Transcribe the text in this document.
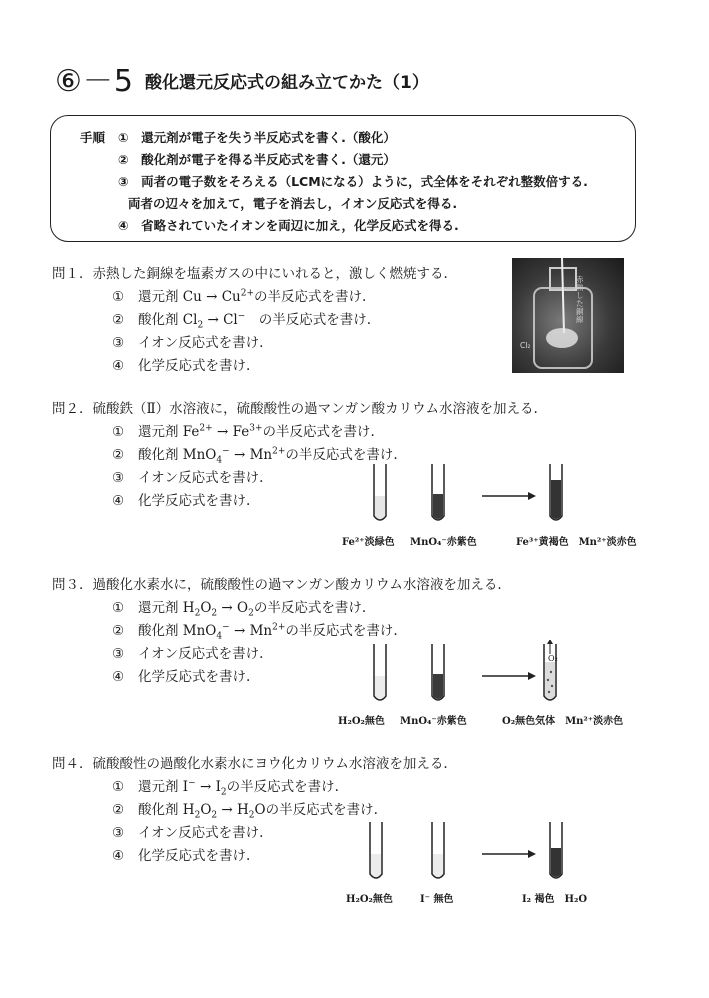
⑥－5 酸化還元反応式の組み立てかた（1）
手順 ①　還元剤が電子を失う半反応式を書く.（酸化）
②　酸化剤が電子を得る半反応式を書く.（還元）
③　両者の電子数をそろえる（LCMになる）ように，式全体をそれぞれ整数倍する.
両者の辺々を加えて，電子を消去し，イオン反応式を得る.
④　省略されていたイオンを両辺に加え，化学反応式を得る.
問１．赤熱した銅線を塩素ガスの中にいれると，激しく燃焼する.
① 還元剤 $Cu \to Cu^{2+}$の半反応式を書け.
② 酸化剤 $Cl_2 \to Cl^-$　の半反応式を書け.
③ イオン反応式を書け.
④ 化学反応式を書け.
赤熱した銅線
Cl₂
問２．硫酸鉄（Ⅱ）水溶液に，硫酸酸性の過マンガン酸カリウム水溶液を加える.
① 還元剤 $Fe^{2+} \to Fe^{3+}$の半反応式を書け.
② 酸化剤 $MnO_4^- \to Mn^{2+}$の半反応式を書け.
③ イオン反応式を書け.
④ 化学反応式を書け.
Fe²⁺淡緑色 MnO₄⁻赤紫色	Fe³⁺黄褐色　Mn²⁺淡赤色
問３．過酸化水素水に，硫酸酸性の過マンガン酸カリウム水溶液を加える.
① 還元剤 $H_2O_2 \to O_2$の半反応式を書け.
② 酸化剤 $MnO_4^- \to Mn^{2+}$の半反応式を書け.
③ イオン反応式を書け.
④ 化学反応式を書け.
O₂
H₂O₂無色 MnO₄⁻赤紫色	O₂無色気体　Mn²⁺淡赤色
問４．硫酸酸性の過酸化水素水にヨウ化カリウム水溶液を加える.
① 還元剤 $I^- \to I_2$の半反応式を書け.
② 酸化剤 $H_2O_2 \to H_2O$の半反応式を書け.
③ イオン反応式を書け.
④ 化学反応式を書け.
H₂O₂無色	I⁻ 無色	I₂ 褐色　H₂O
